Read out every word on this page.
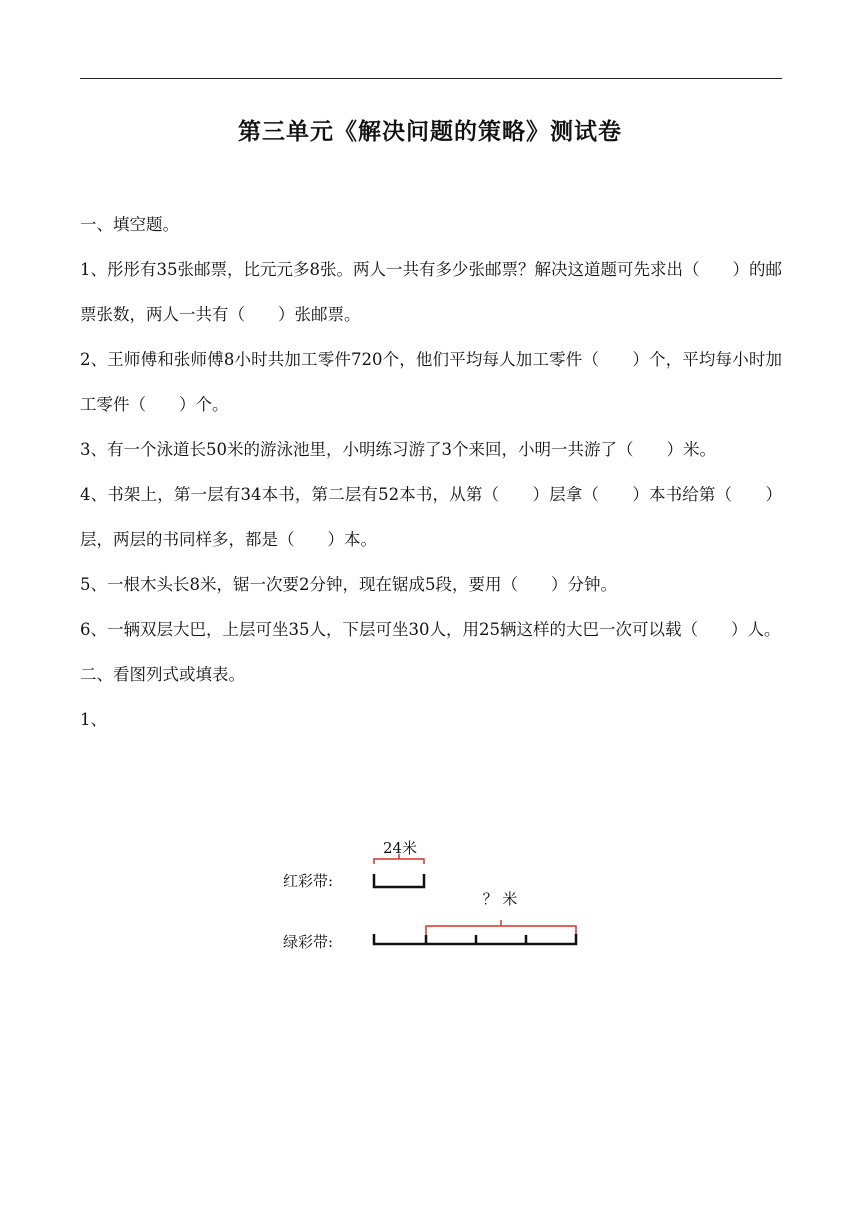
第三单元《解决问题的策略》测试卷

一、填空题。

1、彤彤有35张邮票，比元元多8张。两人一共有多少张邮票？解决这道题可先求出（　　）的邮票张数，两人一共有（　　）张邮票。

2、王师傅和张师傅8小时共加工零件720个，他们平均每人加工零件（　　）个，平均每小时加工零件（　　）个。

3、有一个泳道长50米的游泳池里，小明练习游了3个来回，小明一共游了（　　）米。

4、书架上，第一层有34本书，第二层有52本书，从第（　　）层拿（　　）本书给第（　　）层，两层的书同样多，都是（　　）本。

5、一根木头长8米，锯一次要2分钟，现在锯成5段，要用（　　）分钟。

6、一辆双层大巴，上层可坐35人，下层可坐30人，用25辆这样的大巴一次可以载（　　）人。

二、看图列式或填表。

1、

24米
红彩带:
？ 米
绿彩带:
